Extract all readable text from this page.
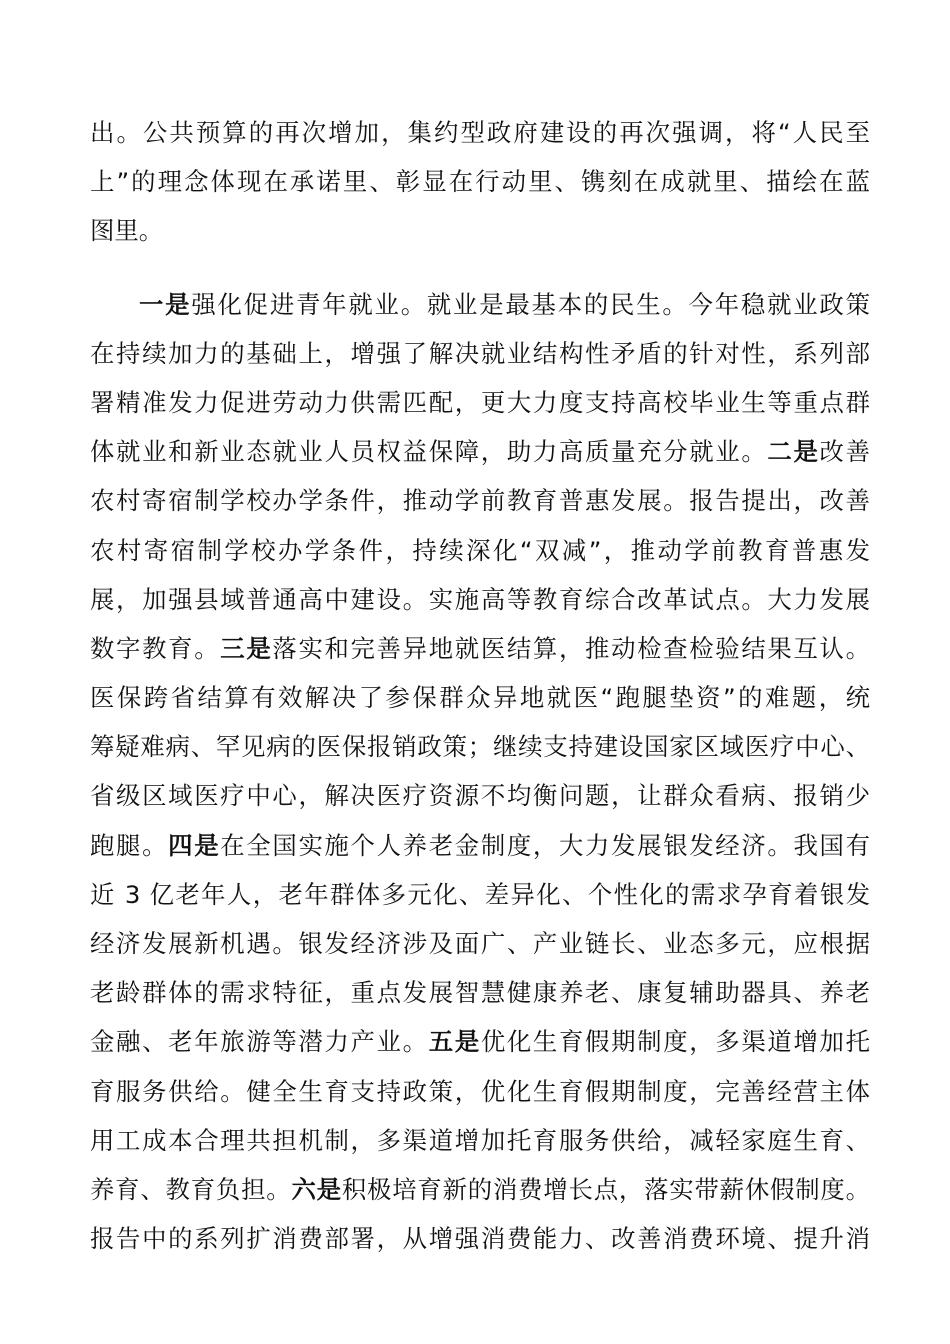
出。公共预算的再次增加，集约型政府建设的再次强调，将“人民至
上”的理念体现在承诺里、彰显在行动里、镌刻在成就里、描绘在蓝
图里。
一是强化促进青年就业。就业是最基本的民生。今年稳就业政策
在持续加力的基础上，增强了解决就业结构性矛盾的针对性，系列部
署精准发力促进劳动力供需匹配，更大力度支持高校毕业生等重点群
体就业和新业态就业人员权益保障，助力高质量充分就业。二是改善
农村寄宿制学校办学条件，推动学前教育普惠发展。报告提出，改善
农村寄宿制学校办学条件，持续深化“双减”，推动学前教育普惠发
展，加强县域普通高中建设。实施高等教育综合改革试点。大力发展
数字教育。三是落实和完善异地就医结算，推动检查检验结果互认。
医保跨省结算有效解决了参保群众异地就医“跑腿垫资”的难题，统
筹疑难病、罕见病的医保报销政策；继续支持建设国家区域医疗中心、
省级区域医疗中心，解决医疗资源不均衡问题，让群众看病、报销少
跑腿。四是在全国实施个人养老金制度，大力发展银发经济。我国有
近 3 亿老年人，老年群体多元化、差异化、个性化的需求孕育着银发
经济发展新机遇。银发经济涉及面广、产业链长、业态多元，应根据
老龄群体的需求特征，重点发展智慧健康养老、康复辅助器具、养老
金融、老年旅游等潜力产业。五是优化生育假期制度，多渠道增加托
育服务供给。健全生育支持政策，优化生育假期制度，完善经营主体
用工成本合理共担机制，多渠道增加托育服务供给，减轻家庭生育、
养育、教育负担。六是积极培育新的消费增长点，落实带薪休假制度。
报告中的系列扩消费部署，从增强消费能力、改善消费环境、提升消
